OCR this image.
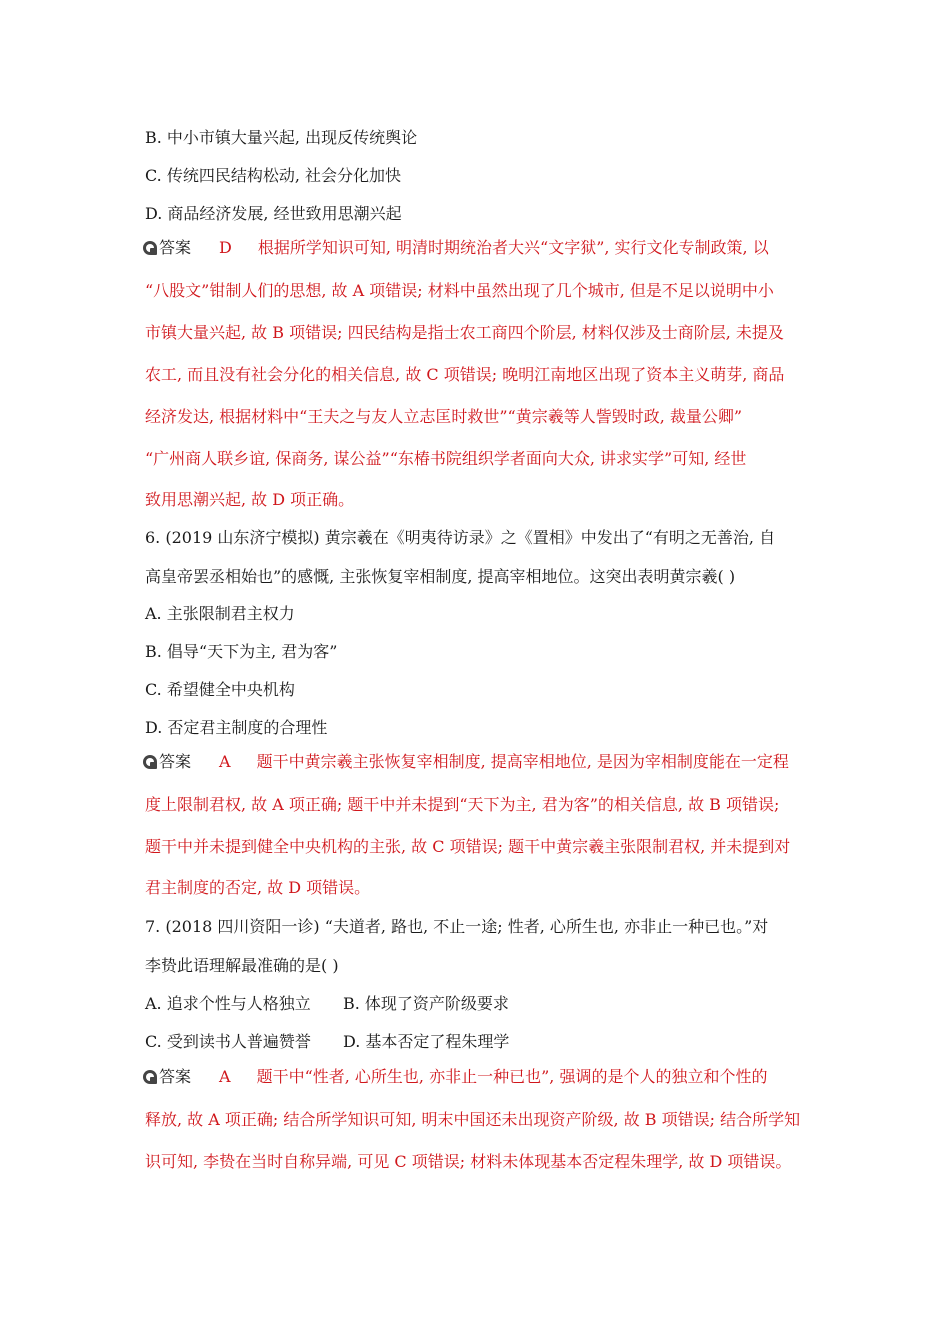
B. 中小市镇大量兴起, 出现反传统舆论
C. 传统四民结构松动, 社会分化加快
D. 商品经济发展, 经世致用思潮兴起
答案 D 根据所学知识可知, 明清时期统治者大兴“文字狱”, 实行文化专制政策, 以
“八股文”钳制人们的思想, 故 A 项错误; 材料中虽然出现了几个城市, 但是不足以说明中小
市镇大量兴起, 故 B 项错误; 四民结构是指士农工商四个阶层, 材料仅涉及士商阶层, 未提及
农工, 而且没有社会分化的相关信息, 故 C 项错误; 晚明江南地区出现了资本主义萌芽, 商品
经济发达, 根据材料中“王夫之与友人立志匡时救世”“黄宗羲等人訾毁时政, 裁量公卿”
“广州商人联乡谊, 保商务, 谋公益”“东椿书院组织学者面向大众, 讲求实学”可知, 经世
致用思潮兴起, 故 D 项正确。
6. (2019 山东济宁模拟) 黄宗羲在《明夷待访录》之《置相》中发出了“有明之无善治, 自
高皇帝罢丞相始也”的感慨, 主张恢复宰相制度, 提高宰相地位。这突出表明黄宗羲( )
A. 主张限制君主权力
B. 倡导“天下为主, 君为客”
C. 希望健全中央机构
D. 否定君主制度的合理性
答案 A 题干中黄宗羲主张恢复宰相制度, 提高宰相地位, 是因为宰相制度能在一定程
度上限制君权, 故 A 项正确; 题干中并未提到“天下为主, 君为客”的相关信息, 故 B 项错误;
题干中并未提到健全中央机构的主张, 故 C 项错误; 题干中黄宗羲主张限制君权, 并未提到对
君主制度的否定, 故 D 项错误。
7. (2018 四川资阳一诊) “夫道者, 路也, 不止一途; 性者, 心所生也, 亦非止一种已也。”对
李贽此语理解最准确的是( )
A. 追求个性与人格独立 B. 体现了资产阶级要求
C. 受到读书人普遍赞誉 D. 基本否定了程朱理学
答案 A 题干中“性者, 心所生也, 亦非止一种已也”, 强调的是个人的独立和个性的
释放, 故 A 项正确; 结合所学知识可知, 明末中国还未出现资产阶级, 故 B 项错误; 结合所学知
识可知, 李贽在当时自称异端, 可见 C 项错误; 材料未体现基本否定程朱理学, 故 D 项错误。
